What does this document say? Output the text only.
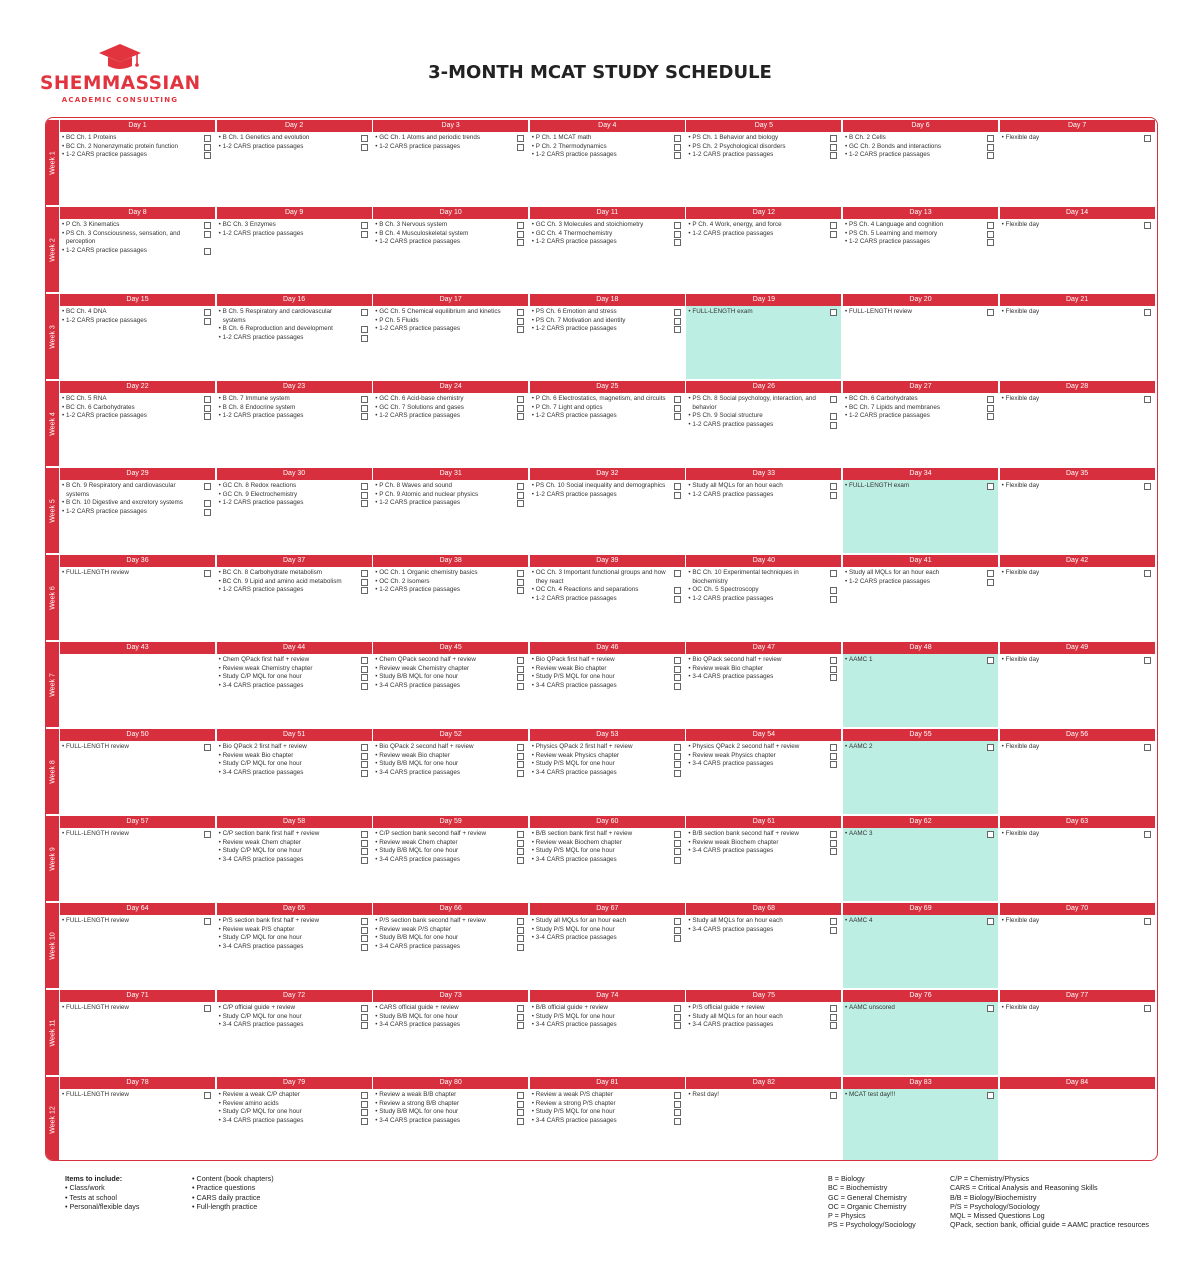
SHEMMASSIAN
ACADEMIC CONSULTING
3-MONTH MCAT STUDY SCHEDULE
Week 1
Day 1
• BC Ch. 1 Proteins
• BC Ch. 2 Nonenzymatic protein function
• 1-2 CARS practice passages
Day 2
• B Ch. 1 Genetics and evolution
• 1-2 CARS practice passages
Day 3
• GC Ch. 1 Atoms and periodic trends
• 1-2 CARS practice passages
Day 4
• P Ch. 1 MCAT math
• P Ch. 2 Thermodynamics
• 1-2 CARS practice passages
Day 5
• PS Ch. 1 Behavior and biology
• PS Ch. 2 Psychological disorders
• 1-2 CARS practice passages
Day 6
• B Ch. 2 Cells
• GC Ch. 2 Bonds and interactions
• 1-2 CARS practice passages
Day 7
• Flexible day
Week 2
Day 8
• P Ch. 3 Kinematics
• PS Ch. 3 Consciousness, sensation, and perception
• 1-2 CARS practice passages
Day 9
• BC Ch. 3 Enzymes
• 1-2 CARS practice passages
Day 10
• B Ch. 3 Nervous system
• B Ch. 4 Musculoskeletal system
• 1-2 CARS practice passages
Day 11
• GC Ch. 3 Molecules and stoichiometry
• GC Ch. 4 Thermochemistry
• 1-2 CARS practice passages
Day 12
• P Ch. 4 Work, energy, and force
• 1-2 CARS practice passages
Day 13
• PS Ch. 4 Language and cognition
• PS Ch. 5 Learning and memory
• 1-2 CARS practice passages
Day 14
• Flexible day
Week 3
Day 15
• BC Ch. 4 DNA
• 1-2 CARS practice passages
Day 16
• B Ch. 5 Respiratory and cardiovascular systems
• B Ch. 6 Reproduction and development
• 1-2 CARS practice passages
Day 17
• GC Ch. 5 Chemical equilibrium and kinetics
• P Ch. 5 Fluids
• 1-2 CARS practice passages
Day 18
• PS Ch. 6 Emotion and stress
• PS Ch. 7 Motivation and identity
• 1-2 CARS practice passages
Day 19
• FULL-LENGTH exam
Day 20
• FULL-LENGTH review
Day 21
• Flexible day
Week 4
Day 22
• BC Ch. 5 RNA
• BC Ch. 6 Carbohydrates
• 1-2 CARS practice passages
Day 23
• B Ch. 7 Immune system
• B Ch. 8 Endocrine system
• 1-2 CARS practice passages
Day 24
• GC Ch. 6 Acid-base chemistry
• GC Ch. 7 Solutions and gases
• 1-2 CARS practice passages
Day 25
• P Ch. 6 Electrostatics, magnetism, and circuits
• P Ch. 7 Light and optics
• 1-2 CARS practice passages
Day 26
• PS Ch. 8 Social psychology, interaction, and behavior
• PS Ch. 9 Social structure
• 1-2 CARS practice passages
Day 27
• BC Ch. 6 Carbohydrates
• BC Ch. 7 Lipids and membranes
• 1-2 CARS practice passages
Day 28
• Flexible day
Week 5
Day 29
• B Ch. 9 Respiratory and cardiovascular systems
• B Ch. 10 Digestive and excretory systems
• 1-2 CARS practice passages
Day 30
• GC Ch. 8 Redox reactions
• GC Ch. 9 Electrochemistry
• 1-2 CARS practice passages
Day 31
• P Ch. 8 Waves and sound
• P Ch. 9 Atomic and nuclear physics
• 1-2 CARS practice passages
Day 32
• PS Ch. 10 Social inequality and demographics
• 1-2 CARS practice passages
Day 33
• Study all MQLs for an hour each
• 1-2 CARS practice passages
Day 34
• FULL-LENGTH exam
Day 35
• Flexible day
Week 6
Day 36
• FULL-LENGTH review
Day 37
• BC Ch. 8 Carbohydrate metabolism
• BC Ch. 9 Lipid and amino acid metabolism
• 1-2 CARS practice passages
Day 38
• OC Ch. 1 Organic chemistry basics
• OC Ch. 2 Isomers
• 1-2 CARS practice passages
Day 39
• OC Ch. 3 Important functional groups and how they react
• OC Ch. 4 Reactions and separations
• 1-2 CARS practice passages
Day 40
• BC Ch. 10 Experimental techniques in biochemistry
• OC Ch. 5 Spectroscopy
• 1-2 CARS practice passages
Day 41
• Study all MQLs for an hour each
• 1-2 CARS practice passages
Day 42
• Flexible day
Week 7
Day 43	Day 44
• Chem QPack first half + review
• Review weak Chemistry chapter
• Study C/P MQL for one hour
• 3-4 CARS practice passages
Day 45
• Chem QPack second half + review
• Review weak Chemistry chapter
• Study B/B MQL for one hour
• 3-4 CARS practice passages
Day 46
• Bio QPack first half + review
• Review weak Bio chapter
• Study P/S MQL for one hour
• 3-4 CARS practice passages
Day 47
• Bio QPack second half + review
• Review weak Bio chapter
• 3-4 CARS practice passages
Day 48
• AAMC 1
Day 49
• Flexible day
Week 8
Day 50
• FULL-LENGTH review
Day 51
• Bio QPack 2 first half + review
• Review weak Bio chapter
• Study C/P MQL for one hour
• 3-4 CARS practice passages
Day 52
• Bio QPack 2 second half + review
• Review weak Bio chapter
• Study B/B MQL for one hour
• 3-4 CARS practice passages
Day 53
• Physics QPack 2 first half + review
• Review weak Physics chapter
• Study P/S MQL for one hour
• 3-4 CARS practice passages
Day 54
• Physics QPack 2 second half + review
• Review weak Physics chapter
• 3-4 CARS practice passages
Day 55
• AAMC 2
Day 56
• Flexible day
Week 9
Day 57
• FULL-LENGTH review
Day 58
• C/P section bank first half + review
• Review weak Chem chapter
• Study C/P MQL for one hour
• 3-4 CARS practice passages
Day 59
• C/P section bank second half + review
• Review weak Chem chapter
• Study B/B MQL for one hour
• 3-4 CARS practice passages
Day 60
• B/B section bank first half + review
• Review weak Biochem chapter
• Study P/S MQL for one hour
• 3-4 CARS practice passages
Day 61
• B/B section bank second half + review
• Review weak Biochem chapter
• 3-4 CARS practice passages
Day 62
• AAMC 3
Day 63
• Flexible day
Week 10
Day 64
• FULL-LENGTH review
Day 65
• P/S section bank first half + review
• Review weak P/S chapter
• Study C/P MQL for one hour
• 3-4 CARS practice passages
Day 66
• P/S section bank second half + review
• Review weak P/S chapter
• Study B/B MQL for one hour
• 3-4 CARS practice passages
Day 67
• Study all MQLs for an hour each
• Study P/S MQL for one hour
• 3-4 CARS practice passages
Day 68
• Study all MQLs for an hour each
• 3-4 CARS practice passages
Day 69
• AAMC 4
Day 70
• Flexible day
Week 11
Day 71
• FULL-LENGTH review
Day 72
• C/P official guide + review
• Study C/P MQL for one hour
• 3-4 CARS practice passages
Day 73
• CARS official guide + review
• Study B/B MQL for one hour
• 3-4 CARS practice passages
Day 74
• B/B official guide + review
• Study P/S MQL for one hour
• 3-4 CARS practice passages
Day 75
• P/S official guide + review
• Study all MQLs for an hour each
• 3-4 CARS practice passages
Day 76
• AAMC unscored
Day 77
• Flexible day
Week 12
Day 78
• FULL-LENGTH review
Day 79
• Review a weak C/P chapter
• Review amino acids
• Study C/P MQL for one hour
• 3-4 CARS practice passages
Day 80
• Review a weak B/B chapter
• Review a strong B/B chapter
• Study B/B MQL for one hour
• 3-4 CARS practice passages
Day 81
• Review a weak P/S chapter
• Review a strong P/S chapter
• Study P/S MQL for one hour
• 3-4 CARS practice passages
Day 82
• Rest day!
Day 83
• MCAT test day!!!
Day 84
Items to include:
• Class/work
• Tests at school
• Personal/flexible days
• Content (book chapters)
• Practice questions
• CARS daily practice
• Full-length practice
B = Biology
BC = Biochemistry
GC = General Chemistry
OC = Organic Chemistry
P = Physics
PS = Psychology/Sociology
C/P = Chemistry/Physics
CARS = Critical Analysis and Reasoning Skills
B/B = Biology/Biochemistry
P/S = Psychology/Sociology
MQL = Missed Questions Log
QPack, section bank, official guide = AAMC practice resources
